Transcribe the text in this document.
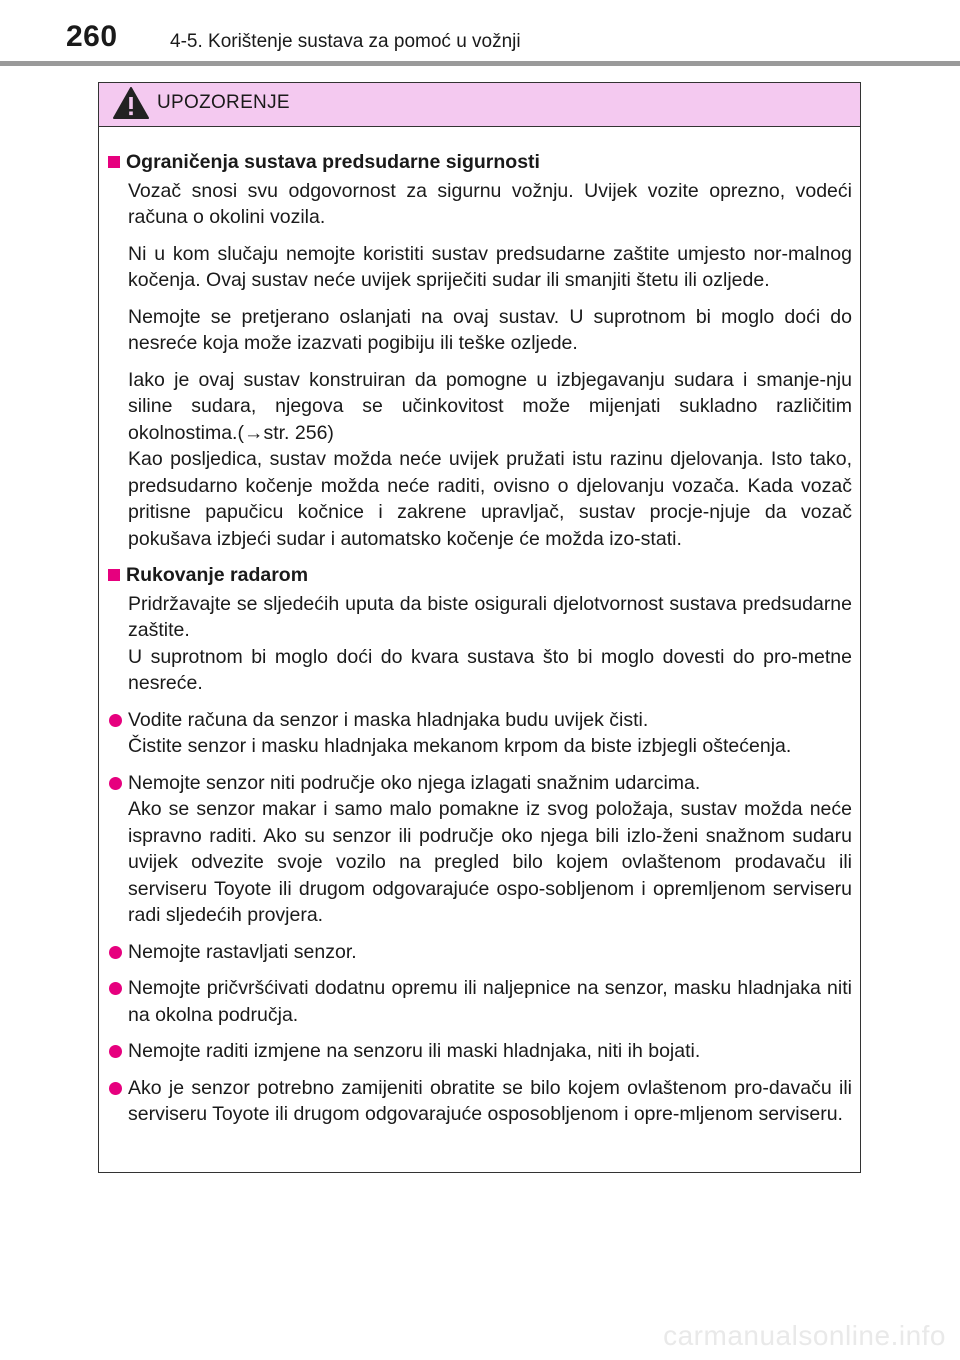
260	4-5. Korištenje sustava za pomoć u vožnji
UPOZORENJE
Ograničenja sustava predsudarne sigurnosti
Vozač snosi svu odgovornost za sigurnu vožnju. Uvijek vozite oprezno, vodeći računa o okolini vozila.
Ni u kom slučaju nemojte koristiti sustav predsudarne zaštite umjesto nor-malnog kočenja. Ovaj sustav neće uvijek spriječiti sudar ili smanjiti štetu ili ozljede.
Nemojte se pretjerano oslanjati na ovaj sustav. U suprotnom bi moglo doći do nesreće koja može izazvati pogibiju ili teške ozljede.
Iako je ovaj sustav konstruiran da pomogne u izbjegavanju sudara i smanje-nju siline sudara, njegova se učinkovitost može mijenjati sukladno različitim okolnostima.(→str. 256)
Kao posljedica, sustav možda neće uvijek pružati istu razinu djelovanja. Isto tako, predsudarno kočenje možda neće raditi, ovisno o djelovanju vozača. Kada vozač pritisne papučicu kočnice i zakrene upravljač, sustav procje-njuje da vozač pokušava izbjeći sudar i automatsko kočenje će možda izo-stati.
Rukovanje radarom
Pridržavajte se sljedećih uputa da biste osigurali djelotvornost sustava predsudarne zaštite.
U suprotnom bi moglo doći do kvara sustava što bi moglo dovesti do pro-metne nesreće.
Vodite računa da senzor i maska hladnjaka budu uvijek čisti.
Čistite senzor i masku hladnjaka mekanom krpom da biste izbjegli oštećenja.
Nemojte senzor niti područje oko njega izlagati snažnim udarcima.
Ako se senzor makar i samo malo pomakne iz svog položaja, sustav možda neće ispravno raditi. Ako su senzor ili područje oko njega bili izlo-ženi snažnom sudaru uvijek odvezite svoje vozilo na pregled bilo kojem ovlaštenom prodavaču ili serviseru Toyote ili drugom odgovarajuće ospo-sobljenom i opremljenom serviseru radi sljedećih provjera.
Nemojte rastavljati senzor.
Nemojte pričvršćivati dodatnu opremu ili naljepnice na senzor, masku hladnjaka niti na okolna područja.
Nemojte raditi izmjene na senzoru ili maski hladnjaka, niti ih bojati.
Ako je senzor potrebno zamijeniti obratite se bilo kojem ovlaštenom pro-davaču ili serviseru Toyote ili drugom odgovarajuće osposobljenom i opre-mljenom serviseru.
carmanualsonline.info
